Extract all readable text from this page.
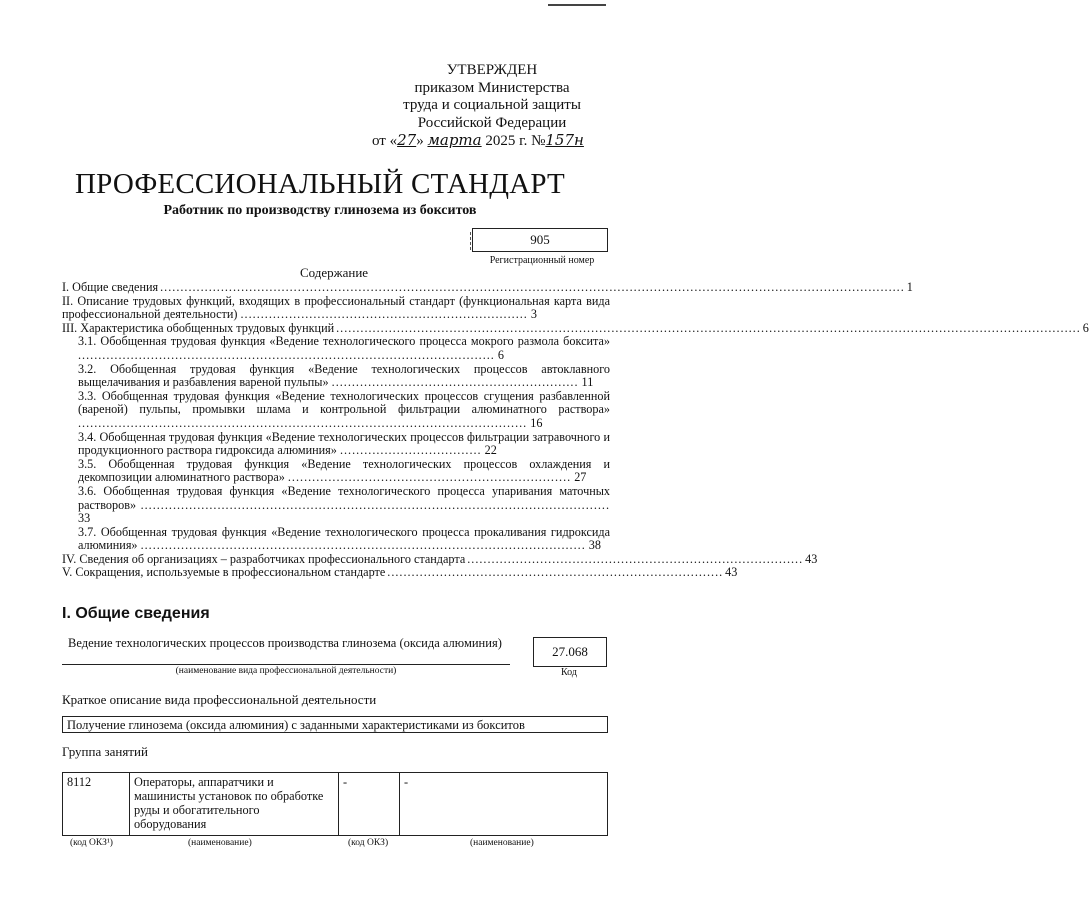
УТВЕРЖДЕН
приказом Министерства
труда и социальной защиты
Российской Федерации
от «27» марта 2025 г. №157н
ПРОФЕССИОНАЛЬНЫЙ СТАНДАРТ
Работник по производству глинозема из бокситов
905
Регистрационный номер
Содержание
I. Общие сведения ........................................................................................................................................................................................ 1
II. Описание трудовых функций, входящих в профессиональный стандарт (функциональная карта вида профессиональной деятельности) ....................................................................... 3
III. Характеристика обобщенных трудовых функций ........................................................................................................................................................................................ 6
3.1. Обобщенная трудовая функция «Ведение технологического процесса мокрого размола боксита» ....................................................................................................... 6
3.2. Обобщенная трудовая функция «Ведение технологических процессов автоклавного выщелачивания и разбавления вареной пульпы» ............................................................. 11
3.3. Обобщенная трудовая функция «Ведение технологических процессов сгущения разбавленной (вареной) пульпы, промывки шлама и контрольной фильтрации алюминатного раствора» ............................................................................................................... 16
3.4. Обобщенная трудовая функция «Ведение технологических процессов фильтрации затравочного и продукционного раствора гидроксида алюминия» ................................... 22
3.5. Обобщенная трудовая функция «Ведение технологических процессов охлаждения и декомпозиции алюминатного раствора» ...................................................................... 27
3.6. Обобщенная трудовая функция «Ведение технологического процесса упаривания маточных растворов» .................................................................................................................... 33
3.7. Обобщенная трудовая функция «Ведение технологического процесса прокаливания гидроксида алюминия» .............................................................................................................. 38
IV. Сведения об организациях – разработчиках профессионального стандарта ................................................................................... 43
V. Сокращения, используемые в профессиональном стандарте ................................................................................... 43
I. Общие сведения
Ведение технологических процессов производства глинозема (оксида алюминия)
(наименование вида профессиональной деятельности)
27.068
Код
Краткое описание вида профессиональной деятельности
Получение глинозема (оксида алюминия) с заданными характеристиками из бокситов
Группа занятий
8112	Операторы, аппаратчики и машинисты установок по обработке руды и обогатительного оборудования	-	-
(код ОКЗ¹)	(наименование)	(код ОКЗ)	(наименование)
